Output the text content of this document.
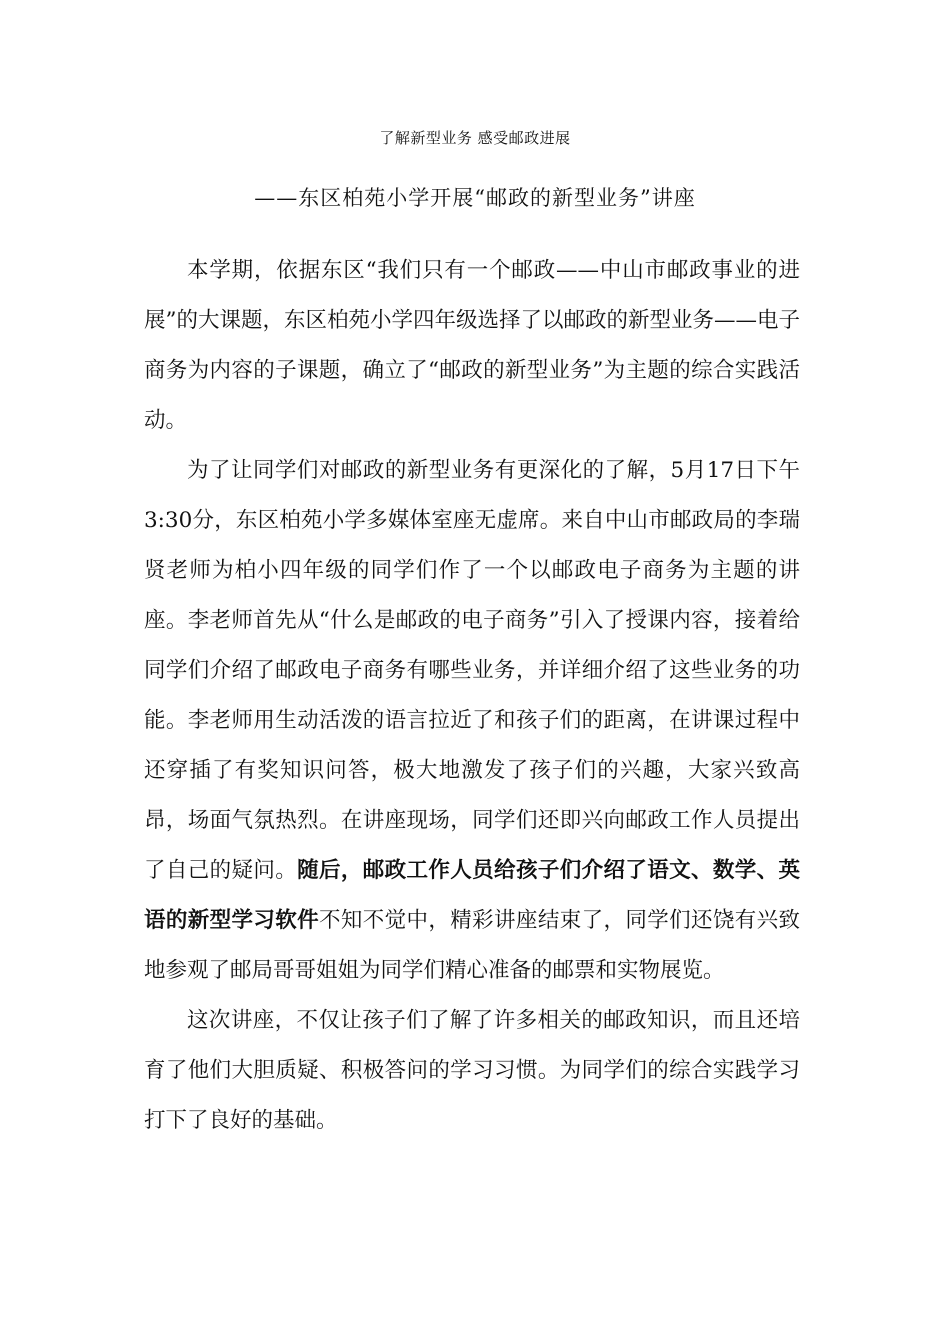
了解新型业务 感受邮政进展
——东区柏苑小学开展“邮政的新型业务”讲座

本学期，依据东区“我们只有一个邮政——中山市邮政事业的进展”的大课题，东区柏苑小学四年级选择了以邮政的新型业务——电子商务为内容的子课题，确立了“邮政的新型业务”为主题的综合实践活动。

为了让同学们对邮政的新型业务有更深化的了解，5月17日下午3:30分，东区柏苑小学多媒体室座无虚席。来自中山市邮政局的李瑞贤老师为柏小四年级的同学们作了一个以邮政电子商务为主题的讲座。李老师首先从“什么是邮政的电子商务”引入了授课内容，接着给同学们介绍了邮政电子商务有哪些业务，并详细介绍了这些业务的功能。李老师用生动活泼的语言拉近了和孩子们的距离，在讲课过程中还穿插了有奖知识问答，极大地激发了孩子们的兴趣，大家兴致高昂，场面气氛热烈。在讲座现场，同学们还即兴向邮政工作人员提出了自己的疑问。随后，邮政工作人员给孩子们介绍了语文、数学、英语的新型学习软件不知不觉中，精彩讲座结束了，同学们还饶有兴致地参观了邮局哥哥姐姐为同学们精心准备的邮票和实物展览。

这次讲座，不仅让孩子们了解了许多相关的邮政知识，而且还培育了他们大胆质疑、积极答问的学习习惯。为同学们的综合实践学习打下了良好的基础。
